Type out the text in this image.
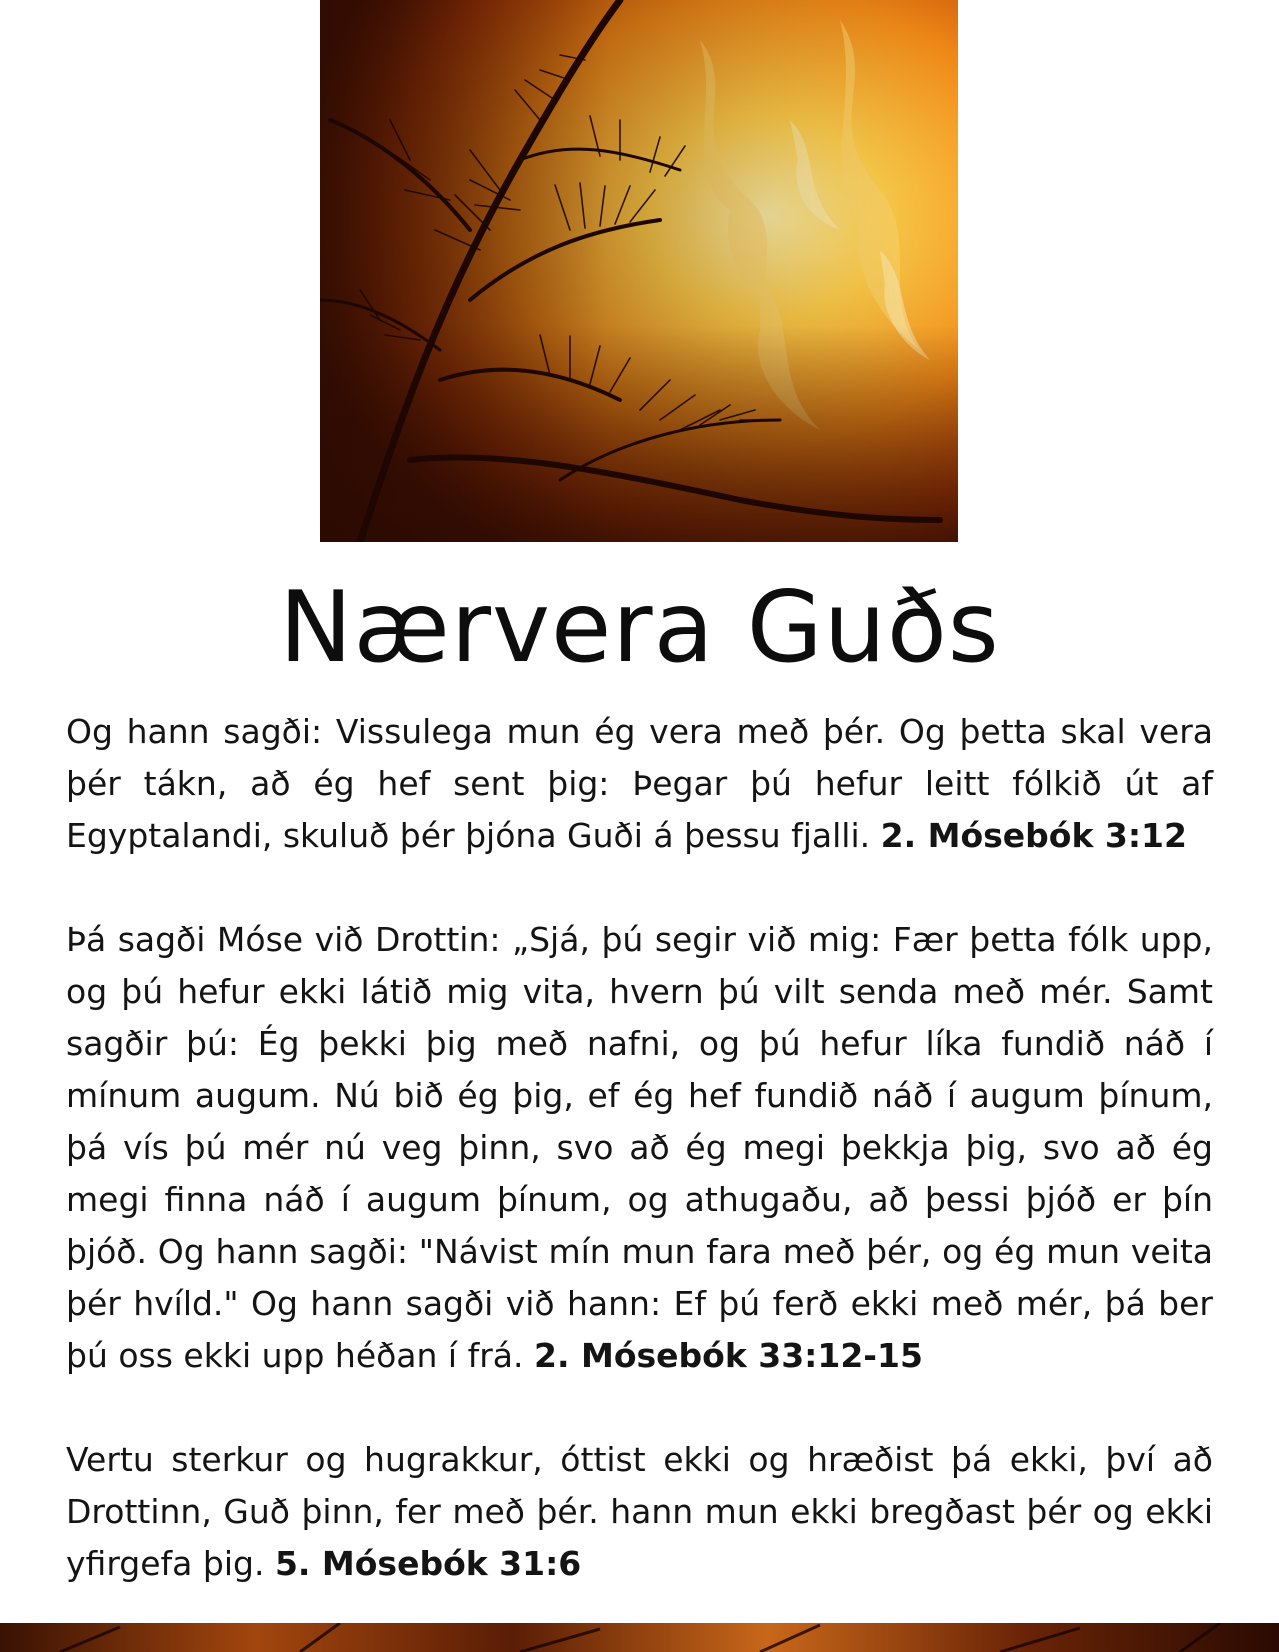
Nærvera Guðs

Og hann sagði: Vissulega mun ég vera með þér. Og þetta skal vera þér tákn, að ég hef sent þig: Þegar þú hefur leitt fólkið út af Egyptalandi, skuluð þér þjóna Guði á þessu fjalli. 2. Mósebók 3:12

Þá sagði Móse við Drottin: „Sjá, þú segir við mig: Fær þetta fólk upp, og þú hefur ekki látið mig vita, hvern þú vilt senda með mér. Samt sagðir þú: Ég þekki þig með nafni, og þú hefur líka fundið náð í mínum augum. Nú bið ég þig, ef ég hef fundið náð í augum þínum, þá vís þú mér nú veg þinn, svo að ég megi þekkja þig, svo að ég megi finna náð í augum þínum, og athugaðu, að þessi þjóð er þín þjóð. Og hann sagði: "Návist mín mun fara með þér, og ég mun veita þér hvíld." Og hann sagði við hann: Ef þú ferð ekki með mér, þá ber þú oss ekki upp héðan í frá. 2. Mósebók 33:12-15

Vertu sterkur og hugrakkur, óttist ekki og hræðist þá ekki, því að Drottinn, Guð þinn, fer með þér. hann mun ekki bregðast þér og ekki yfirgefa þig. 5. Mósebók 31:6
